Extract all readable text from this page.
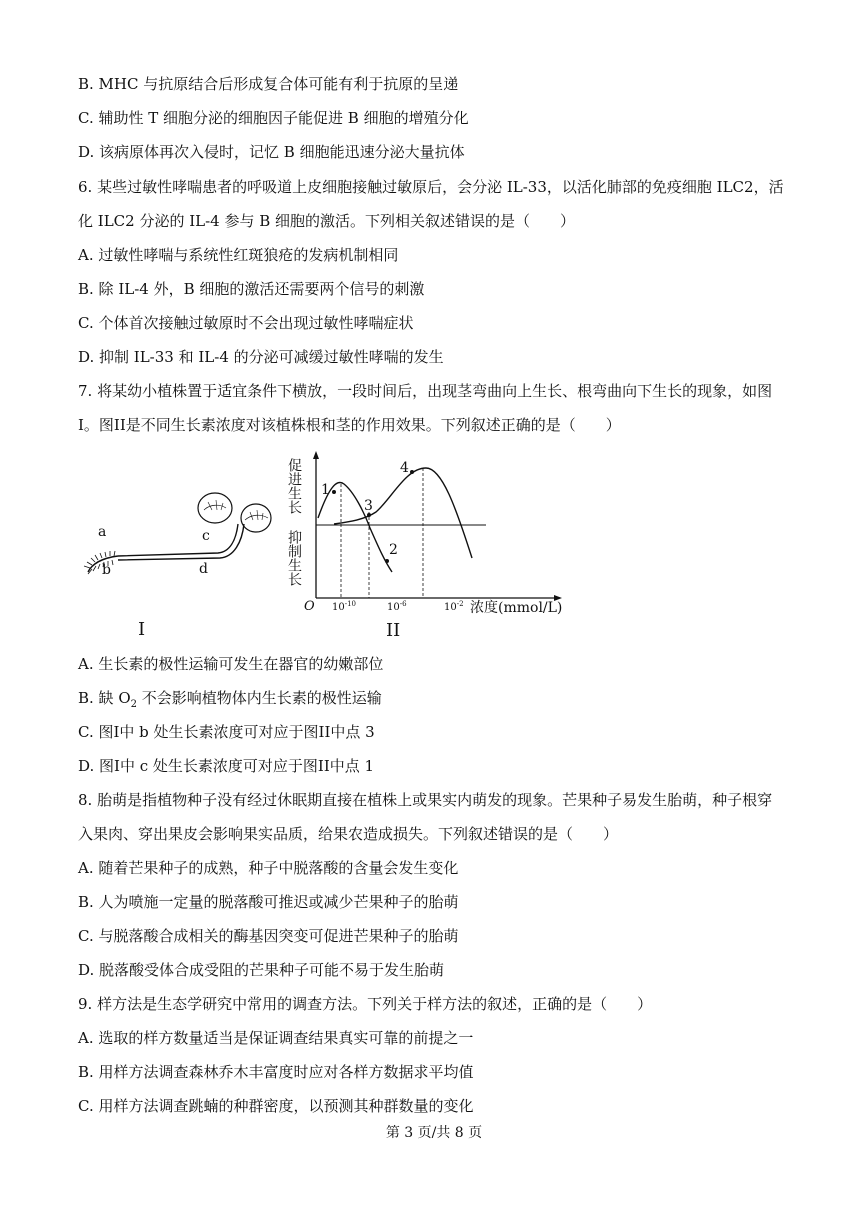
B. MHC 与抗原结合后形成复合体可能有利于抗原的呈递
C. 辅助性 T 细胞分泌的细胞因子能促进 B 细胞的增殖分化
D. 该病原体再次入侵时，记忆 B 细胞能迅速分泌大量抗体
6. 某些过敏性哮喘患者的呼吸道上皮细胞接触过敏原后，会分泌 IL-33，以活化肺部的免疫细胞 ILC2，活
化 ILC2 分泌的 IL-4 参与 B 细胞的激活。下列相关叙述错误的是（　　）
A. 过敏性哮喘与系统性红斑狼疮的发病机制相同
B. 除 IL-4 外，B 细胞的激活还需要两个信号的刺激
C. 个体首次接触过敏原时不会出现过敏性哮喘症状
D. 抑制 IL-33 和 IL-4 的分泌可减缓过敏性哮喘的发生
7. 将某幼小植株置于适宜条件下横放，一段时间后，出现茎弯曲向上生长、根弯曲向下生长的现象，如图
I。图II是不同生长素浓度对该植株根和茎的作用效果。下列叙述正确的是（　　）
a
b
c
d
I
1
3
2
4
促进生长
抑制生长
O $10^{-10}$	$10^{-6}$	$10^{-2}$ 浓度(mmol/L)
II
A. 生长素的极性运输可发生在器官的幼嫩部位
B. 缺 $O_2$ 不会影响植物体内生长素的极性运输
C. 图I中 b 处生长素浓度可对应于图II中点 3
D. 图I中 c 处生长素浓度可对应于图II中点 1
8. 胎萌是指植物种子没有经过休眠期直接在植株上或果实内萌发的现象。芒果种子易发生胎萌，种子根穿
入果肉、穿出果皮会影响果实品质，给果农造成损失。下列叙述错误的是（　　）
A. 随着芒果种子的成熟，种子中脱落酸的含量会发生变化
B. 人为喷施一定量的脱落酸可推迟或减少芒果种子的胎萌
C. 与脱落酸合成相关的酶基因突变可促进芒果种子的胎萌
D. 脱落酸受体合成受阻的芒果种子可能不易于发生胎萌
9. 样方法是生态学研究中常用的调查方法。下列关于样方法的叙述，正确的是（　　）
A. 选取的样方数量适当是保证调查结果真实可靠的前提之一
B. 用样方法调查森林乔木丰富度时应对各样方数据求平均值
C. 用样方法调查跳蝻的种群密度，以预测其种群数量的变化
第 3 页/共 8 页
